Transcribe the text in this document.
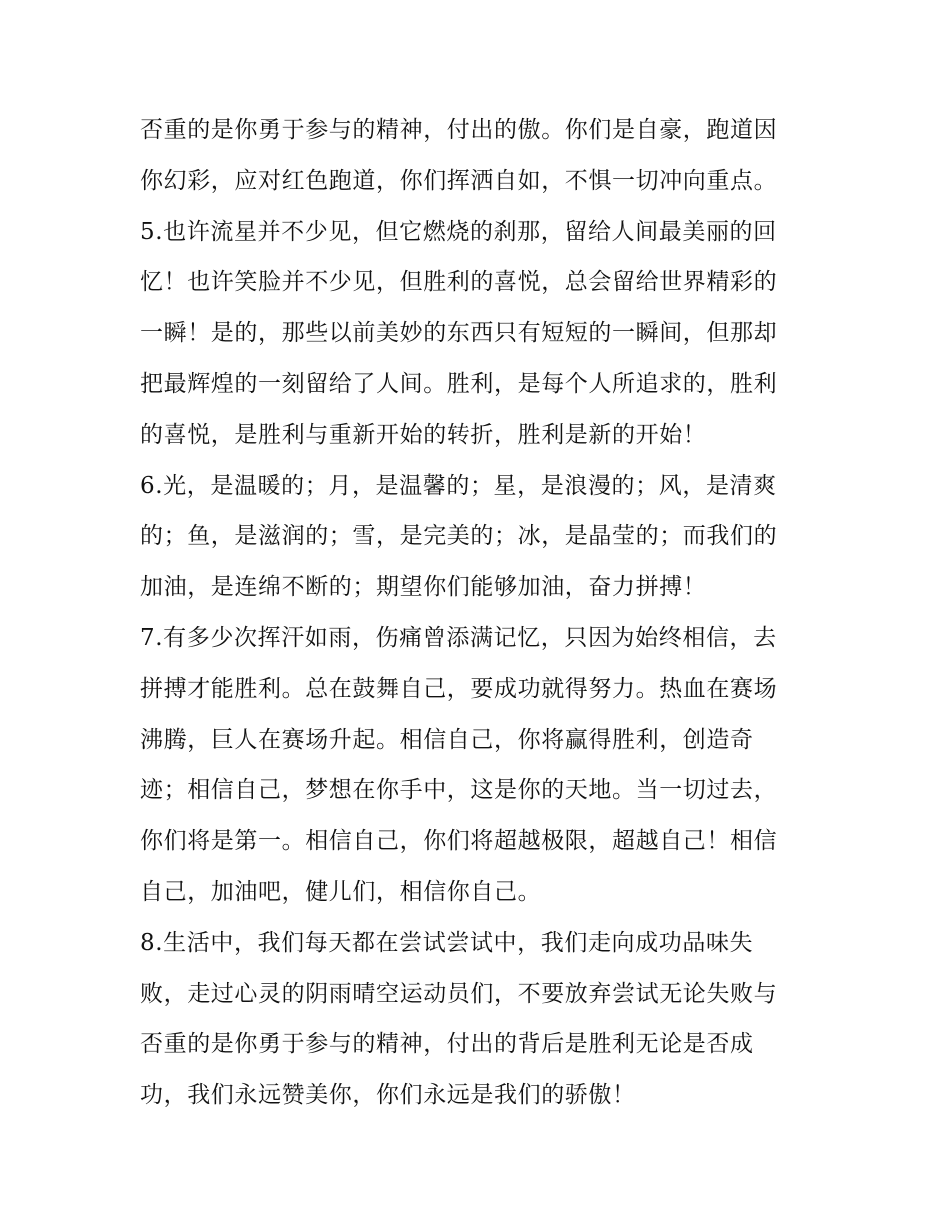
否重的是你勇于参与的精神，付出的傲。你们是自豪，跑道因
你幻彩，应对红色跑道，你们挥洒自如，不惧一切冲向重点。
5.也许流星并不少见，但它燃烧的刹那，留给人间最美丽的回
忆！也许笑脸并不少见，但胜利的喜悦，总会留给世界精彩的
一瞬！是的，那些以前美妙的东西只有短短的一瞬间，但那却
把最辉煌的一刻留给了人间。胜利，是每个人所追求的，胜利
的喜悦，是胜利与重新开始的转折，胜利是新的开始！
6.光，是温暖的；月，是温馨的；星，是浪漫的；风，是清爽
的；鱼，是滋润的；雪，是完美的；冰，是晶莹的；而我们的
加油，是连绵不断的；期望你们能够加油，奋力拼搏！
7.有多少次挥汗如雨，伤痛曾添满记忆，只因为始终相信，去
拼搏才能胜利。总在鼓舞自己，要成功就得努力。热血在赛场
沸腾，巨人在赛场升起。相信自己，你将赢得胜利，创造奇
迹；相信自己，梦想在你手中，这是你的天地。当一切过去，
你们将是第一。相信自己，你们将超越极限，超越自己！相信
自己，加油吧，健儿们，相信你自己。
8.生活中，我们每天都在尝试尝试中，我们走向成功品味失
败，走过心灵的阴雨晴空运动员们，不要放弃尝试无论失败与
否重的是你勇于参与的精神，付出的背后是胜利无论是否成
功，我们永远赞美你，你们永远是我们的骄傲！
